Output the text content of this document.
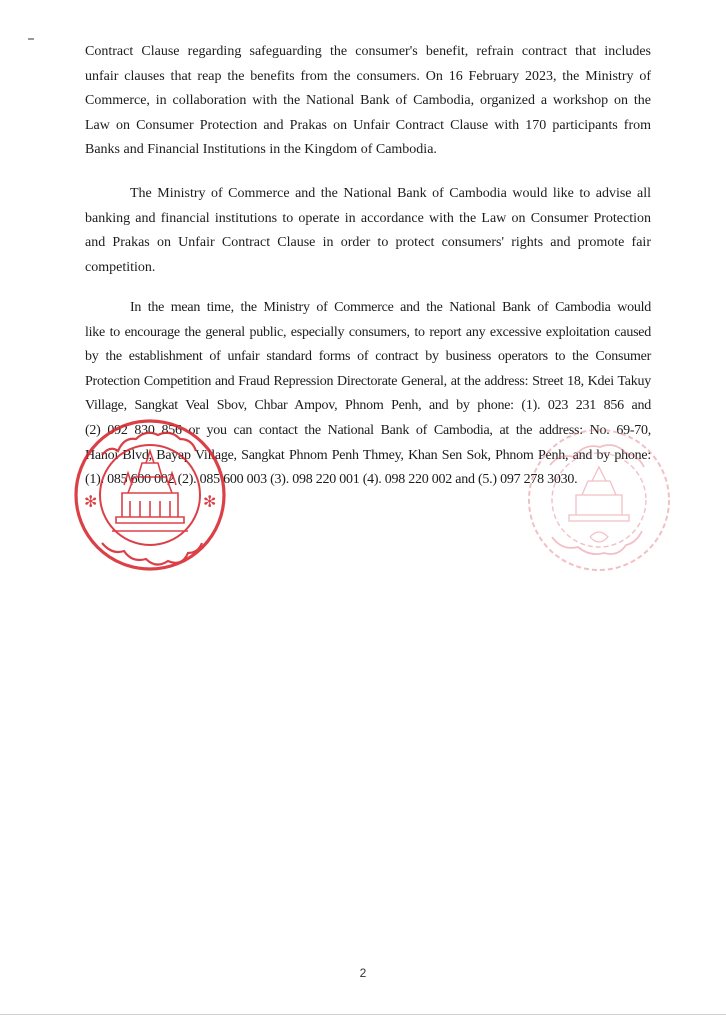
Contract Clause regarding safeguarding the consumer's benefit, refrain contract that includes
unfair clauses that reap the benefits from the consumers. On 16 February 2023, the Ministry of
Commerce, in collaboration with the National Bank of Cambodia, organized a workshop on the
Law on Consumer Protection and Prakas on Unfair Contract Clause with 170 participants from
Banks and Financial Institutions in the Kingdom of Cambodia.
The Ministry of Commerce and the National Bank of Cambodia would like to advise all
banking and financial institutions to operate in accordance with the Law on Consumer Protection
and Prakas on Unfair Contract Clause in order to protect consumers' rights and promote fair
competition.
In the mean time, the Ministry of Commerce and the National Bank of Cambodia would
like to encourage the general public, especially consumers, to report any excessive exploitation caused
by the establishment of unfair standard forms of contract by business operators to the Consumer
Protection Competition and Fraud Repression Directorate General, at the address: Street 18, Kdei Takuy
Village, Sangkat Veal Sbov, Chbar Ampov, Phnom Penh, and by phone: (1). 023 231 856 and
(2) 092 830 856 or you can contact the National Bank of Cambodia, at the address: No. 69-70,
Hanoi Blvd, Bayap Village, Sangkat Phnom Penh Thmey, Khan Sen Sok, Phnom Penh, and by phone:
(1). 085 600 002 (2). 085 600 003 (3). 098 220 001 (4). 098 220 002 and (5.) 097 278 3030.
✻	✻
2
